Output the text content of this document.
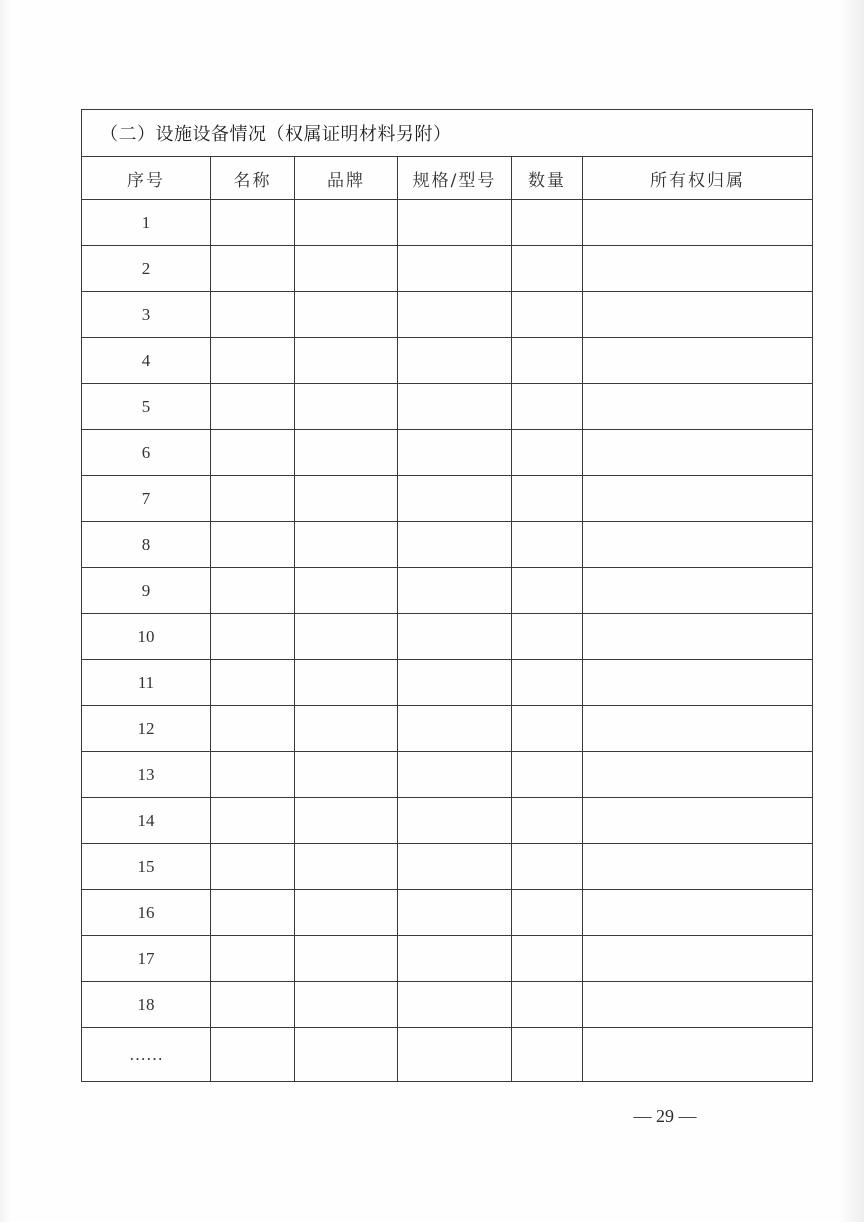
（二）设施设备情况（权属证明材料另附）					
序号	名称	品牌	规格/型号	数量	所有权归属
1					
2					
3					
4					
5					
6					
7					
8					
9					
10					
11					
12					
13					
14					
15					
16					
17					
18					
……					
— 29 —
